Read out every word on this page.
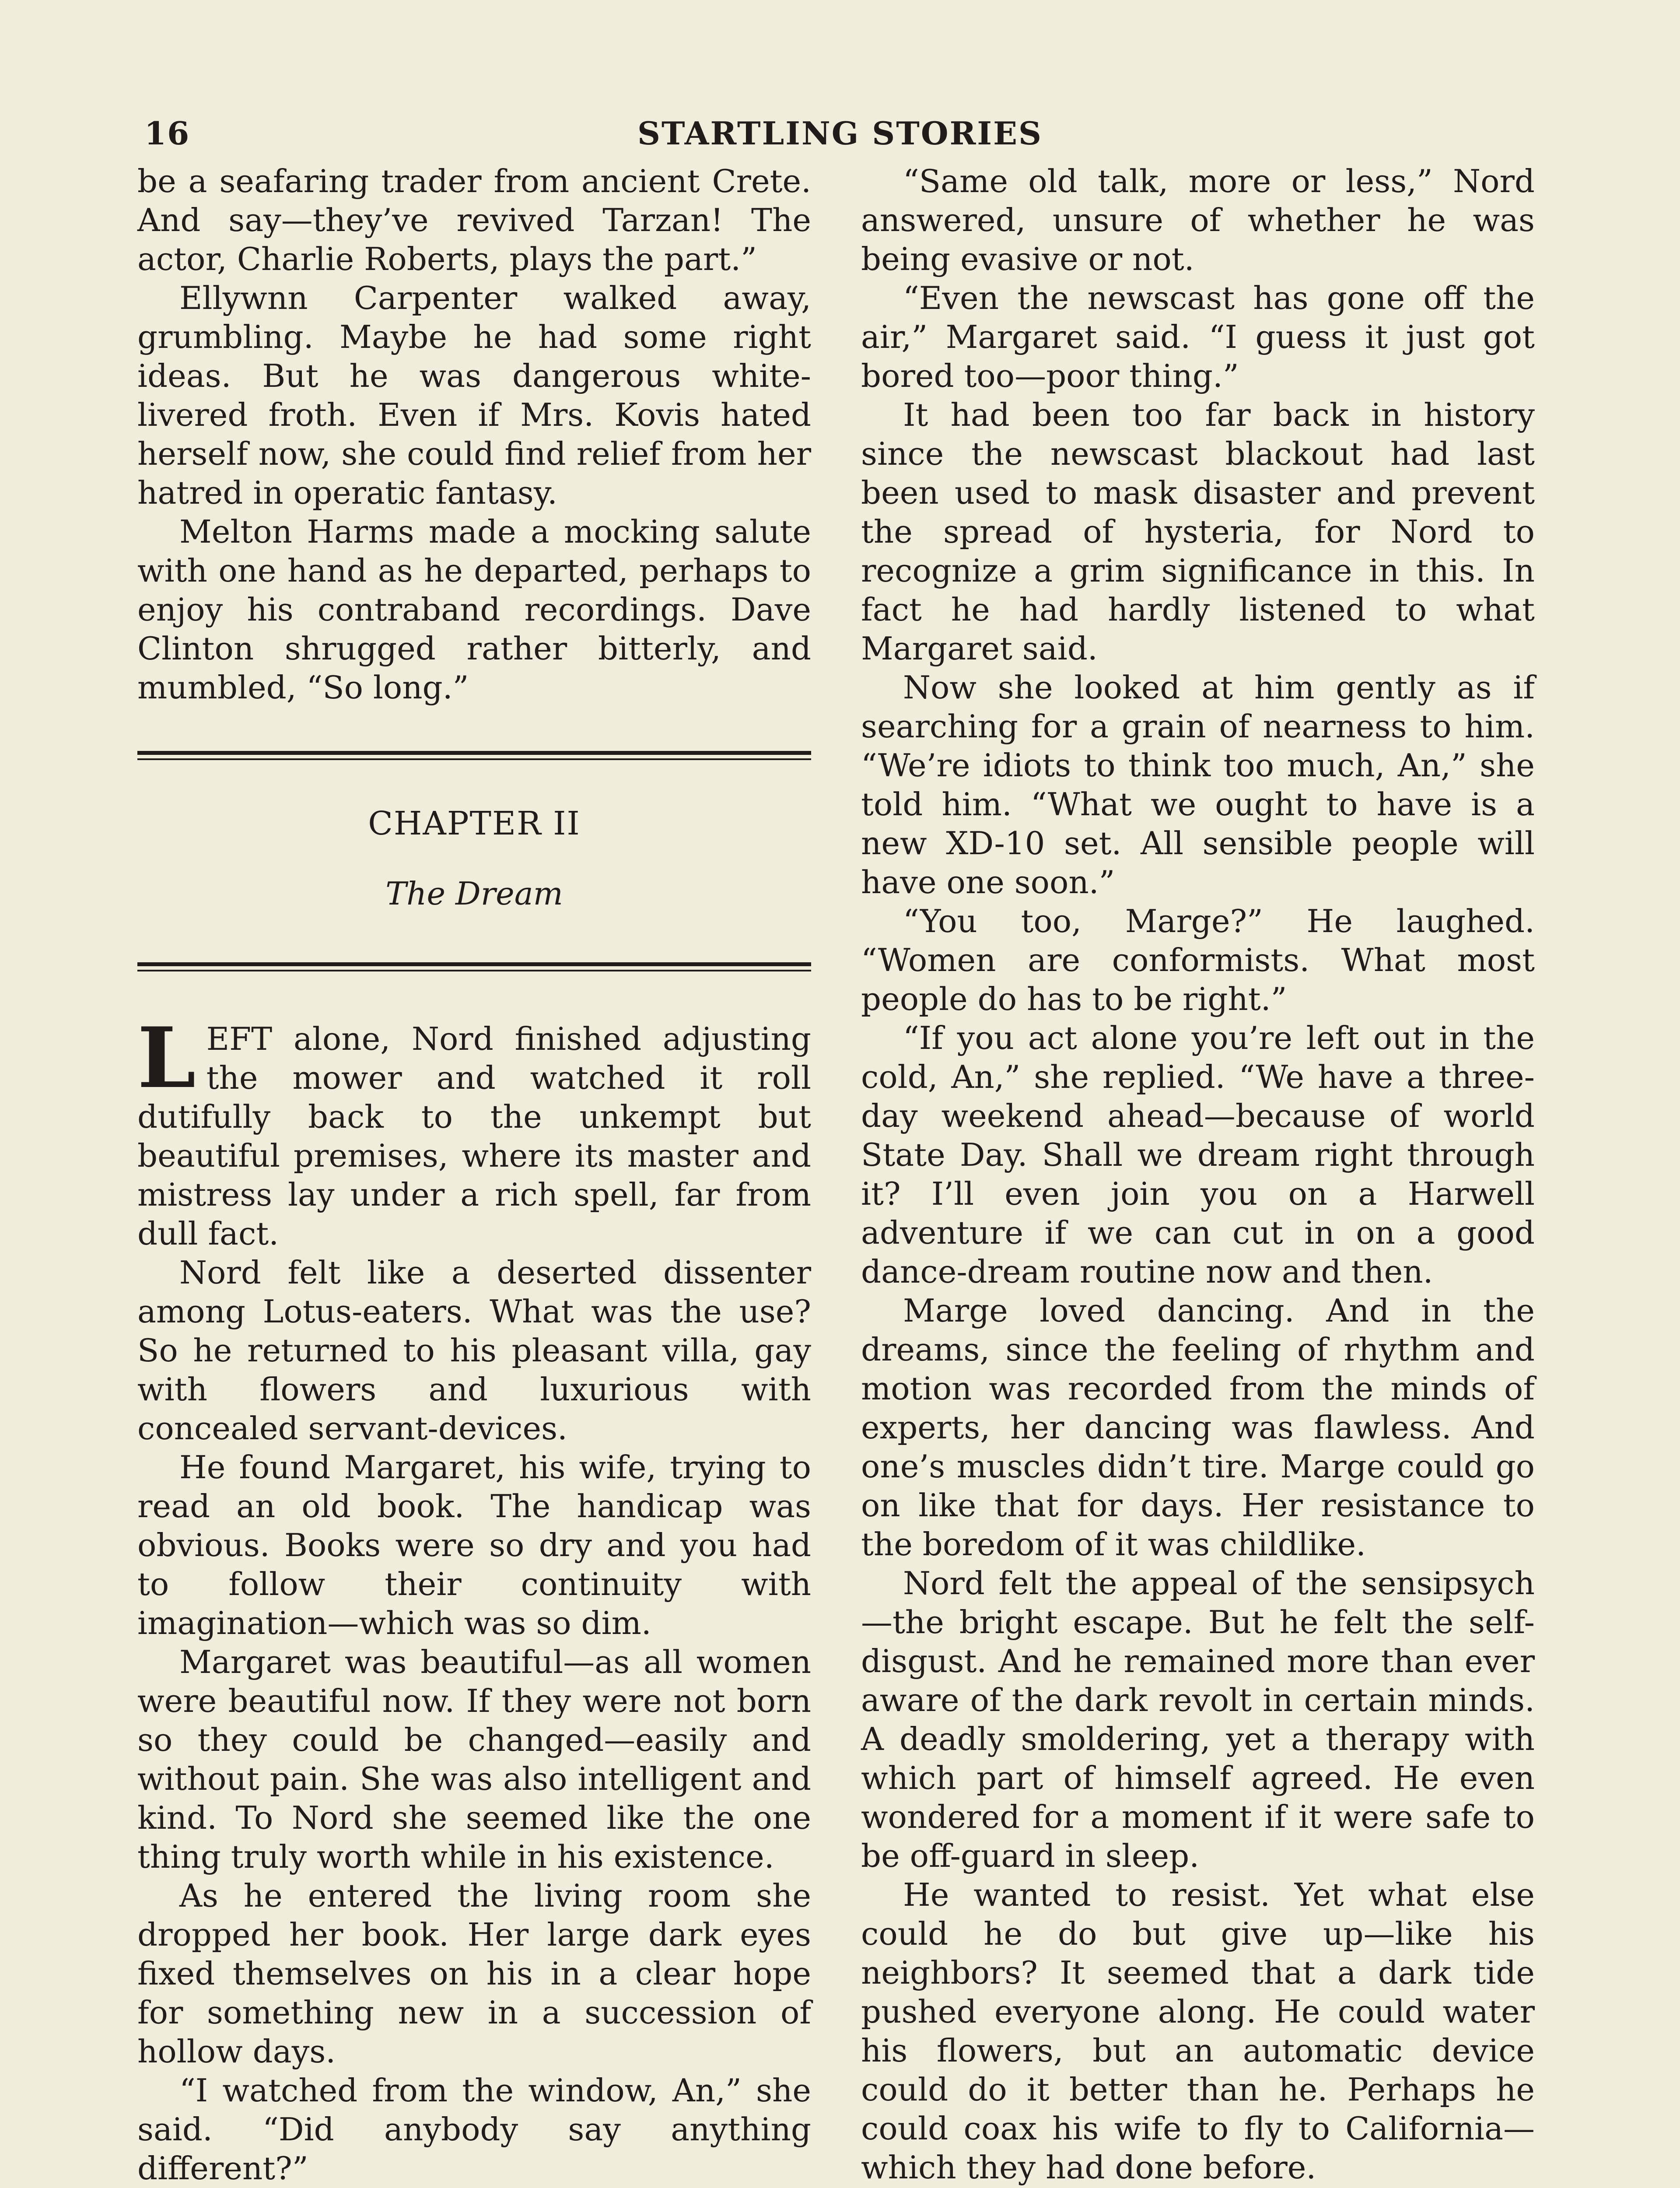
16	STARTLING STORIES

be a seafaring trader from ancient Crete. And say—they’ve revived Tarzan! The actor, Charlie Roberts, plays the part.”

Ellywnn Carpenter walked away, grumbling. Maybe he had some right ideas. But he was dangerous white-livered froth. Even if Mrs. Kovis hated herself now, she could find relief from her hatred in operatic fantasy.

Melton Harms made a mocking salute with one hand as he departed, perhaps to enjoy his contraband recordings. Dave Clinton shrugged rather bitterly, and mumbled, “So long.”

CHAPTER II
The Dream

LEFT alone, Nord finished adjusting the mower and watched it roll dutifully back to the unkempt but beautiful premises, where its master and mistress lay under a rich spell, far from dull fact.

Nord felt like a deserted dissenter among Lotus-eaters. What was the use? So he returned to his pleasant villa, gay with flowers and luxurious with concealed servant-devices.

He found Margaret, his wife, trying to read an old book. The handicap was obvious. Books were so dry and you had to follow their continuity with imagination—which was so dim.

Margaret was beautiful—as all women were beautiful now. If they were not born so they could be changed—easily and without pain. She was also intelligent and kind. To Nord she seemed like the one thing truly worth while in his existence.

As he entered the living room she dropped her book. Her large dark eyes fixed themselves on his in a clear hope for something new in a succession of hollow days.

“I watched from the window, An,” she said. “Did anybody say anything different?”

“Same old talk, more or less,” Nord answered, unsure of whether he was being evasive or not.

“Even the newscast has gone off the air,” Margaret said. “I guess it just got bored too—poor thing.”

It had been too far back in history since the newscast blackout had last been used to mask disaster and prevent the spread of hysteria, for Nord to recognize a grim significance in this. In fact he had hardly listened to what Margaret said.

Now she looked at him gently as if searching for a grain of nearness to him. “We’re idiots to think too much, An,” she told him. “What we ought to have is a new XD-10 set. All sensible people will have one soon.”

“You too, Marge?” He laughed. “Women are conformists. What most people do has to be right.”

“If you act alone you’re left out in the cold, An,” she replied. “We have a three-day weekend ahead—because of world State Day. Shall we dream right through it? I’ll even join you on a Harwell adventure if we can cut in on a good dance-dream routine now and then.

Marge loved dancing. And in the dreams, since the feeling of rhythm and motion was recorded from the minds of experts, her dancing was flawless. And one’s muscles didn’t tire. Marge could go on like that for days. Her resistance to the boredom of it was childlike.

Nord felt the appeal of the sensipsych—the bright escape. But he felt the self-disgust. And he remained more than ever aware of the dark revolt in certain minds. A deadly smoldering, yet a therapy with which part of himself agreed. He even wondered for a moment if it were safe to be off-guard in sleep.

He wanted to resist. Yet what else could he do but give up—like his neighbors? It seemed that a dark tide pushed everyone along. He could water his flowers, but an automatic device could do it better than he. Perhaps he could coax his wife to fly to California—which they had done before.
